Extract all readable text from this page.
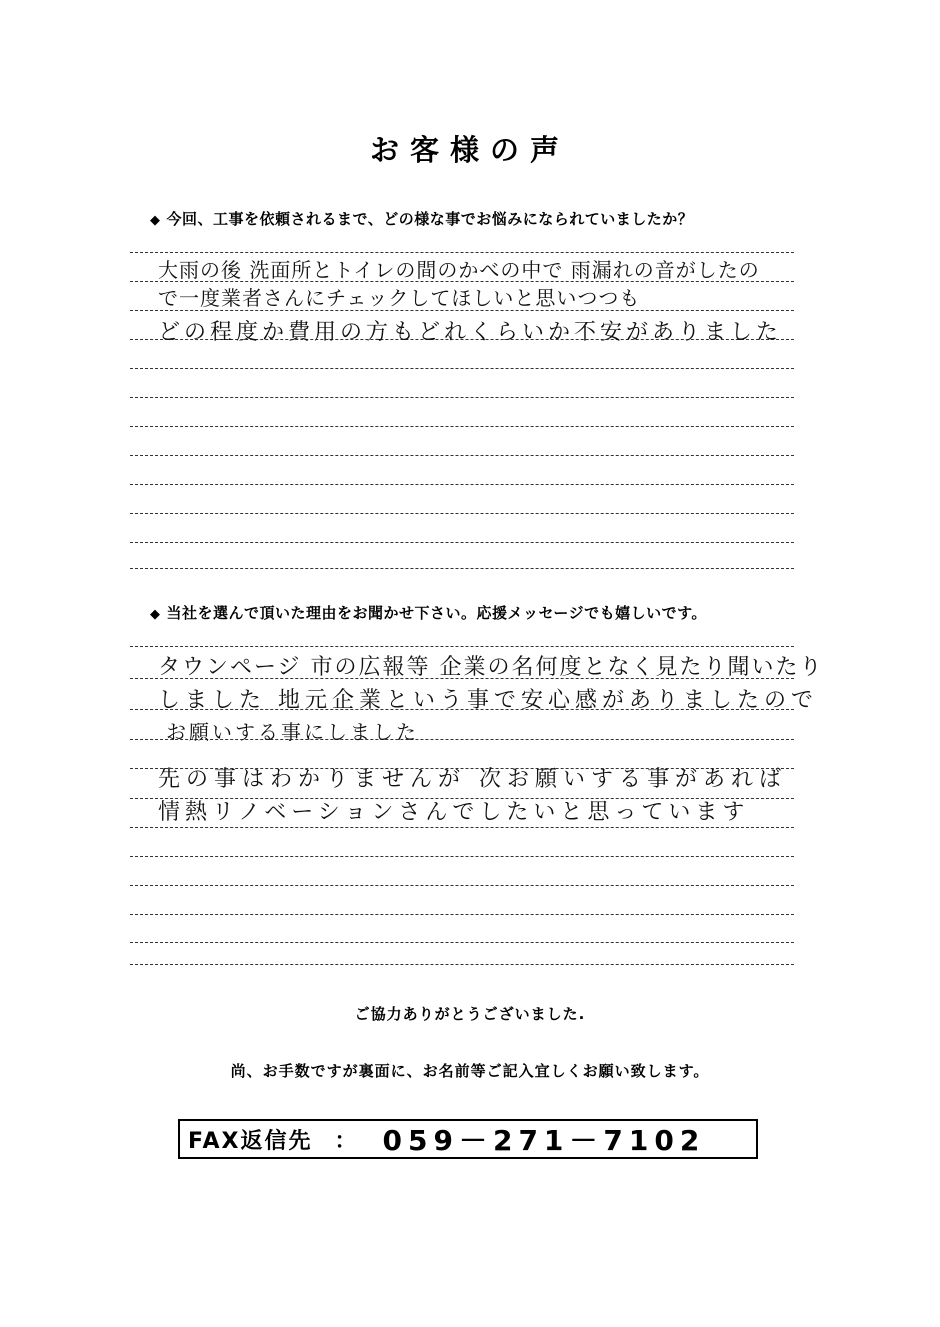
お客様の声
◆ 今回、工事を依頼されるまで、どの様な事でお悩みになられていましたか？
大雨の後 洗面所とトイレの間のかべの中で 雨漏れの音がしたので一度業者さんにチェックしてほしいと思いつつも
どの程度か費用の方もどれくらいか不安がありました
◆ 当社を選んで頂いた理由をお聞かせ下さい。応援メッセージでも嬉しいです。
タウンページ 市の広報等 企業の名何度となく見たり聞いたり
しました 地元企業という事で安心感がありましたので
お願いする事にしました
先の事はわかりませんが 次お願いする事があれば
情熱リノベーションさんでしたいと思っています
ご協力ありがとうございました.
尚、お手数ですが裏面に、お名前等ご記入宜しくお願い致します。
FAX返信先 ： 059－271－7102
